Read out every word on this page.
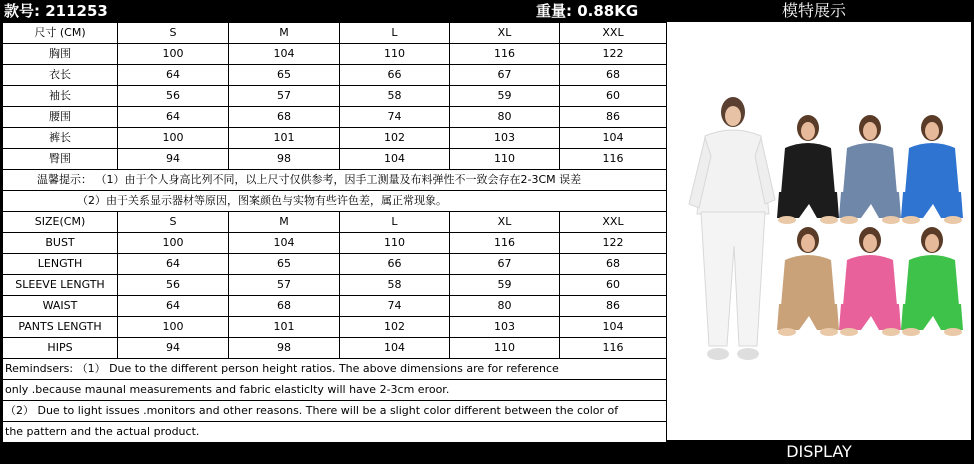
款号: 211253	重量: 0.88KG	模特展示
尺寸 (CM)	S	M	L	XL	XXL
胸围	100	104	110	116	122
衣长	64	65	66	67	68
袖长	56	57	58	59	60
腰围	64	68	74	80	86
裤长	100	101	102	103	104
臀围	94	98	104	110	116
温馨提示： （1）由于个人身高比列不同，以上尺寸仅供参考，因手工测量及布料弹性不一致会存在2-3CM 误差					
（2）由于关系显示器材等原因，图案颜色与实物有些许色差，属正常现象。					
SIZE(CM)	S	M	L	XL	XXL
BUST	100	104	110	116	122
LENGTH	64	65	66	67	68
SLEEVE LENGTH	56	57	58	59	60
WAIST	64	68	74	80	86
PANTS LENGTH	100	101	102	103	104
HIPS	94	98	104	110	116
Remindsers: （1） Due to the different person height ratios. The above dimensions are for reference					
only .because maunal measurements and fabric elasticlty will have 2-3cm eroor.					
（2） Due to light issues .monitors and other reasons. There will be a slight color different between the color of					
the pattern and the actual product.					
DISPLAY
